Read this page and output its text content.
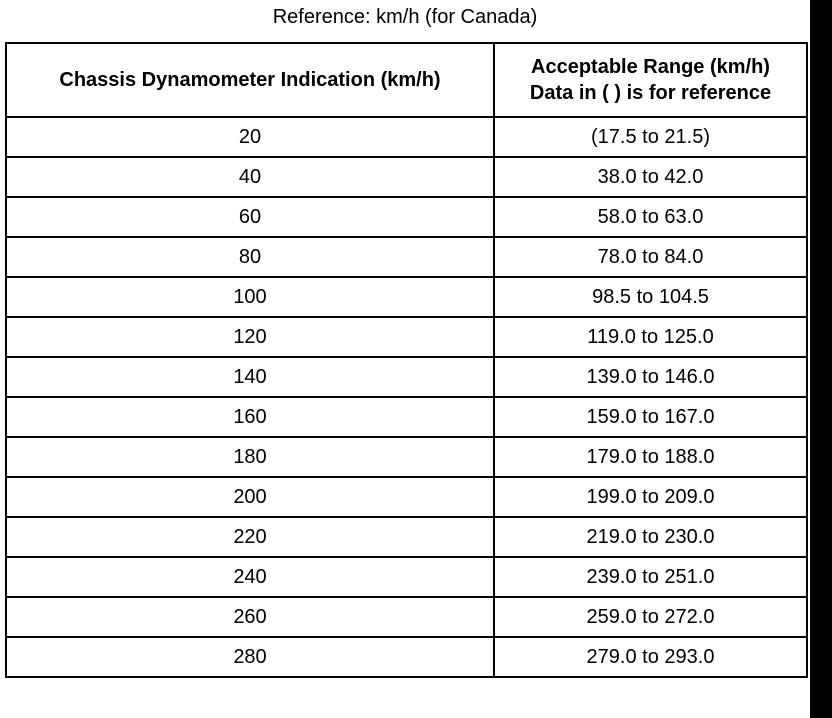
Reference: km/h (for Canada)
Chassis Dynamometer Indication (km/h)	Acceptable Range (km/h)
Data in ( ) is for reference

20	(17.5 to 21.5)
40	38.0 to 42.0
60	58.0 to 63.0
80	78.0 to 84.0
100	98.5 to 104.5
120	119.0 to 125.0
140	139.0 to 146.0
160	159.0 to 167.0
180	179.0 to 188.0
200	199.0 to 209.0
220	219.0 to 230.0
240	239.0 to 251.0
260	259.0 to 272.0
280	279.0 to 293.0
